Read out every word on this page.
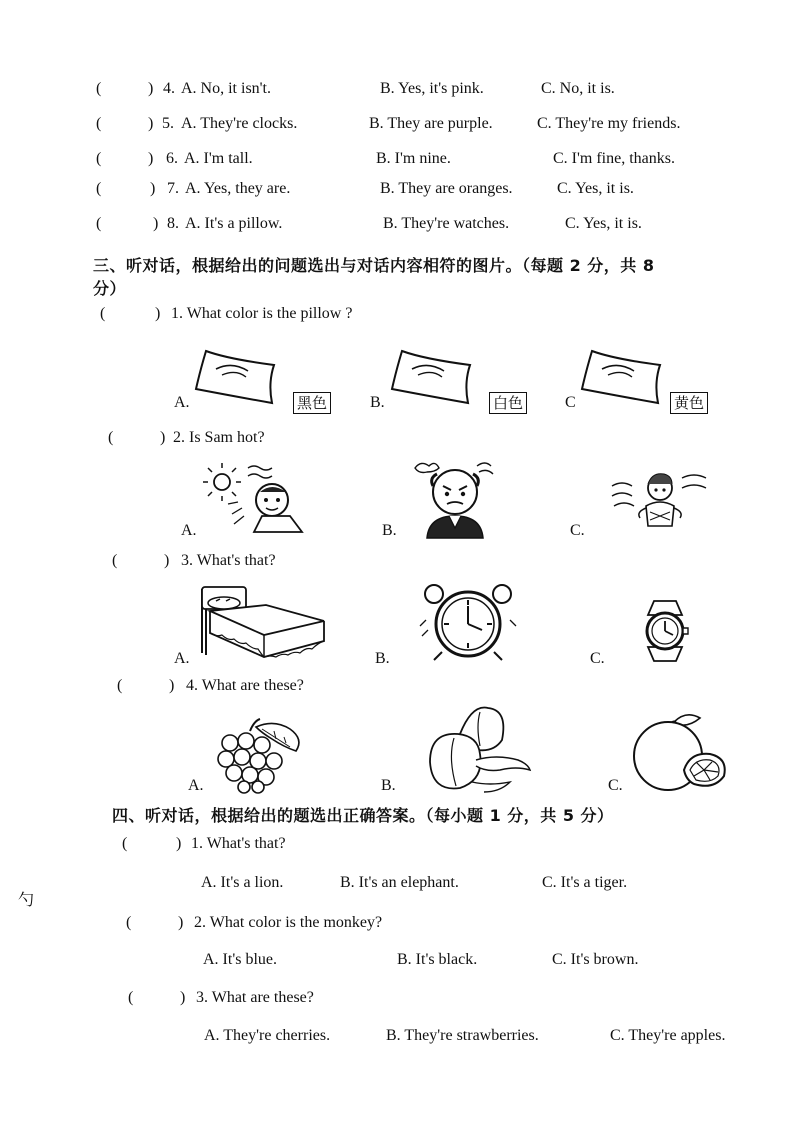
(	) 4. A. No, it isn't.	B. Yes, it's pink.	C. No, it is.
(	) 5. A. They're clocks.	B. They are purple.	C. They're my friends.
(	) 6. A. I'm tall.	B. I'm nine.	C. I'm fine, thanks.
(	) 7. A. Yes, they are.	B. They are oranges.	C. Yes, it is.
(	) 8. A. It's a pillow.	B. They're watches.	C. Yes, it is.
三、听对话，根据给出的问题选出与对话内容相符的图片。（每题 2 分，共 8
分）
(	) 1. What color is the pillow ?
A.	黑色	B.	白色	C	黄色
(	) 2. Is Sam hot?
A.	B.	C.
(	) 3. What's that?
A.	B.	C.
(	) 4. What are these?
A.	B.	C.
四、听对话，根据给出的题选出正确答案。（每小题 1 分，共 5 分）
(	) 1. What's that?
A. It's a lion.	B. It's an elephant.	C. It's a tiger.
勺
(	) 2. What color is the monkey?
A. It's blue.	B. It's black.	C. It's brown.
(	) 3. What are these?
A. They're cherries.	B. They're strawberries.	C. They're apples.
